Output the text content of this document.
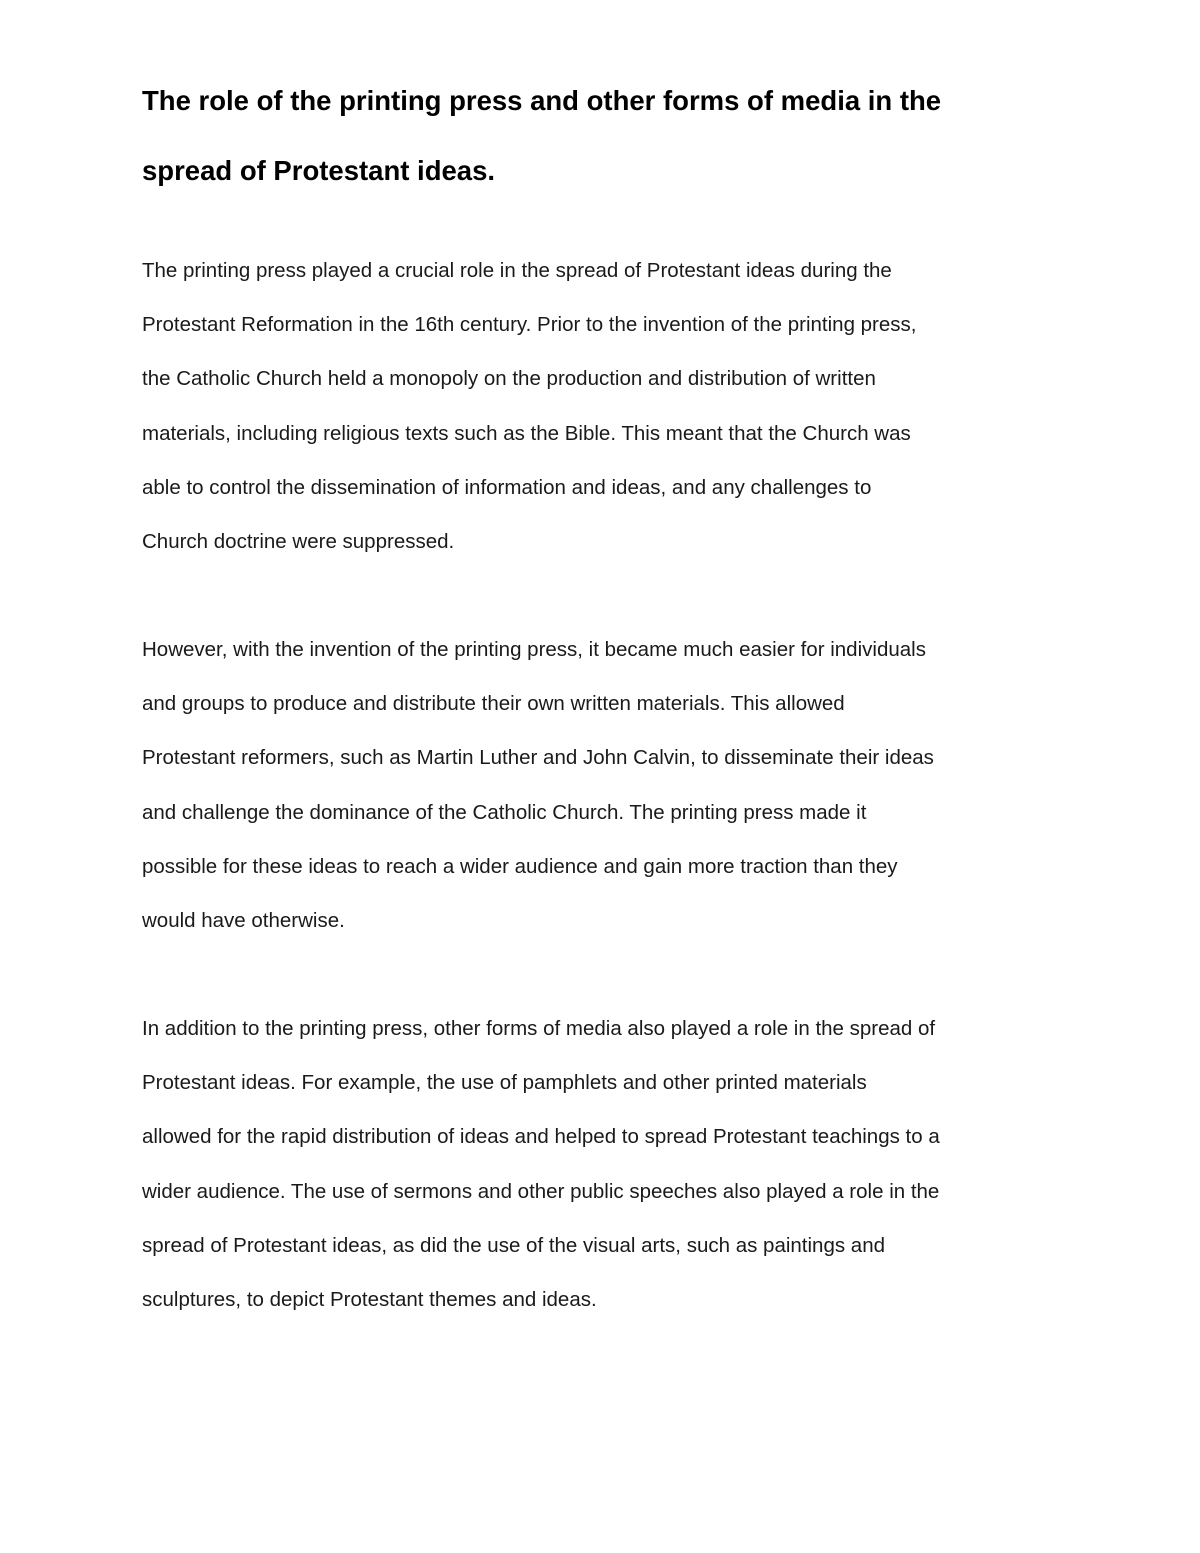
The role of the printing press and other forms of media in the
spread of Protestant ideas.

The printing press played a crucial role in the spread of Protestant ideas during the
Protestant Reformation in the 16th century. Prior to the invention of the printing press,
the Catholic Church held a monopoly on the production and distribution of written
materials, including religious texts such as the Bible. This meant that the Church was
able to control the dissemination of information and ideas, and any challenges to
Church doctrine were suppressed.

However, with the invention of the printing press, it became much easier for individuals
and groups to produce and distribute their own written materials. This allowed
Protestant reformers, such as Martin Luther and John Calvin, to disseminate their ideas
and challenge the dominance of the Catholic Church. The printing press made it
possible for these ideas to reach a wider audience and gain more traction than they
would have otherwise.

In addition to the printing press, other forms of media also played a role in the spread of
Protestant ideas. For example, the use of pamphlets and other printed materials
allowed for the rapid distribution of ideas and helped to spread Protestant teachings to a
wider audience. The use of sermons and other public speeches also played a role in the
spread of Protestant ideas, as did the use of the visual arts, such as paintings and
sculptures, to depict Protestant themes and ideas.
